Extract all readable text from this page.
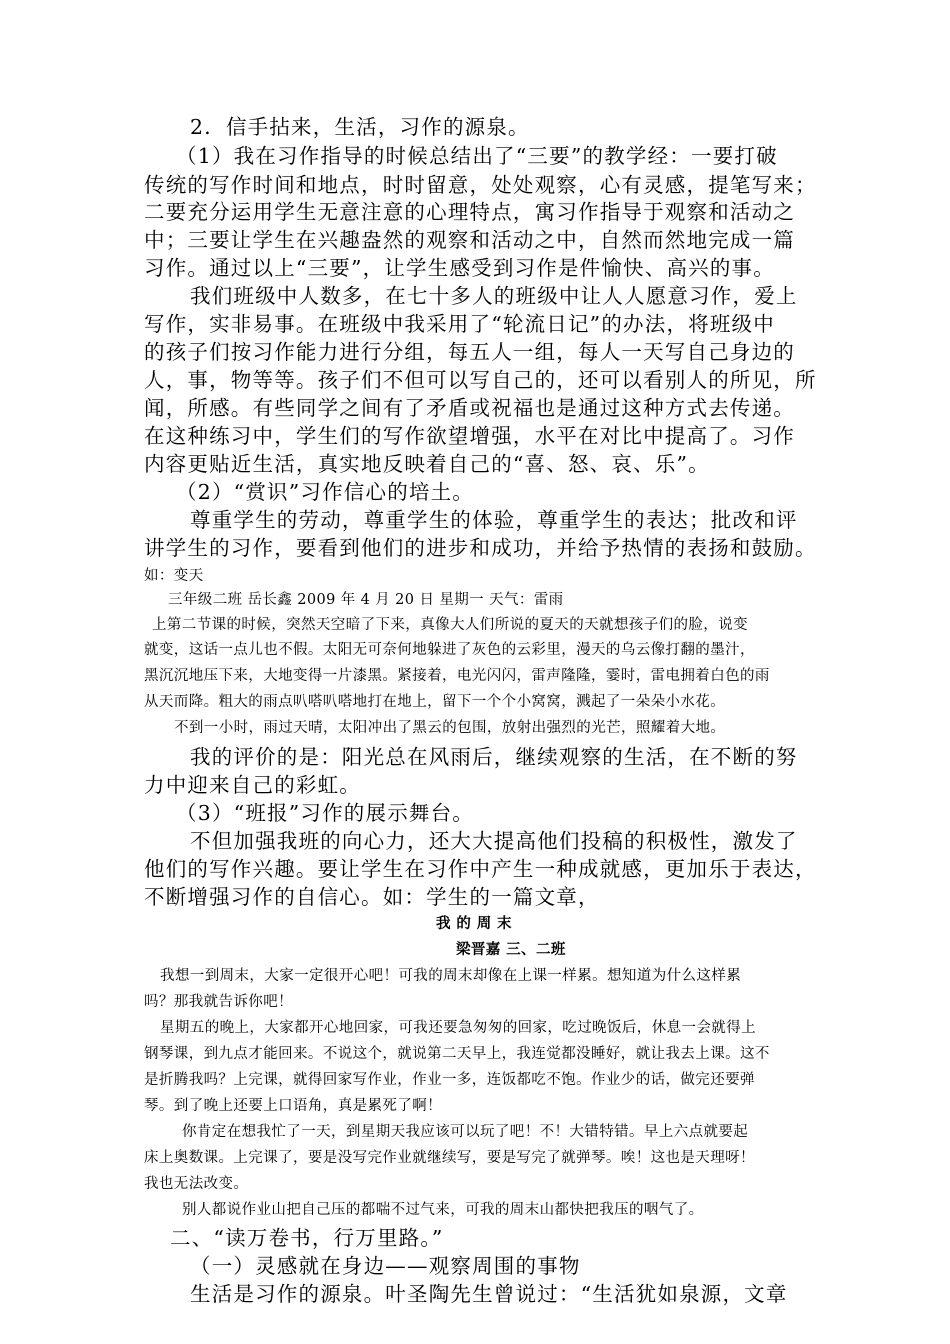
2．信手拈来，生活，习作的源泉。

（1）我在习作指导的时候总结出了“三要”的教学经：一要打破

传统的写作时间和地点，时时留意，处处观察，心有灵感，提笔写来；

二要充分运用学生无意注意的心理特点，寓习作指导于观察和活动之

中；三要让学生在兴趣盎然的观察和活动之中，自然而然地完成一篇

习作。通过以上“三要”，让学生感受到习作是件愉快、高兴的事。

我们班级中人数多，在七十多人的班级中让人人愿意习作，爱上

写作，实非易事。在班级中我采用了“轮流日记”的办法，将班级中

的孩子们按习作能力进行分组，每五人一组，每人一天写自己身边的

人，事，物等等。孩子们不但可以写自己的，还可以看别人的所见，所

闻，所感。有些同学之间有了矛盾或祝福也是通过这种方式去传递。

在这种练习中，学生们的写作欲望增强，水平在对比中提高了。习作

内容更贴近生活，真实地反映着自己的“喜、怒、哀、乐”。

（2）“赏识”习作信心的培土。

尊重学生的劳动，尊重学生的体验，尊重学生的表达；批改和评

讲学生的习作，要看到他们的进步和成功，并给予热情的表扬和鼓励。

如：变天

三年级二班 岳长鑫 2009 年 4 月 20 日 星期一 天气：雷雨

上第二节课的时候，突然天空暗了下来，真像大人们所说的夏天的天就想孩子们的脸，说变

就变，这话一点儿也不假。太阳无可奈何地躲进了灰色的云彩里，漫天的乌云像打翻的墨汁，

黑沉沉地压下来，大地变得一片漆黑。紧接着，电光闪闪，雷声隆隆，霎时，雷电拥着白色的雨

从天而降。粗大的雨点叭嗒叭嗒地打在地上，留下一个个小窝窝，溅起了一朵朵小水花。

不到一小时，雨过天晴，太阳冲出了黑云的包围，放射出强烈的光芒，照耀着大地。

我的评价的是：阳光总在风雨后，继续观察的生活，在不断的努

力中迎来自己的彩虹。

（3）“班报”习作的展示舞台。

不但加强我班的向心力，还大大提高他们投稿的积极性，激发了

他们的写作兴趣。要让学生在习作中产生一种成就感，更加乐于表达，

不断增强习作的自信心。如：学生的一篇文章，

我 的 周 末

梁晋嘉 三、二班

我想一到周末，大家一定很开心吧！可我的周末却像在上课一样累。想知道为什么这样累

吗？那我就告诉你吧！

星期五的晚上，大家都开心地回家，可我还要急匆匆的回家，吃过晚饭后，休息一会就得上

钢琴课，到九点才能回来。不说这个，就说第二天早上，我连觉都没睡好，就让我去上课。这不

是折腾我吗？上完课，就得回家写作业，作业一多，连饭都吃不饱。作业少的话，做完还要弹

琴。到了晚上还要上口语角，真是累死了啊！

你肯定在想我忙了一天，到星期天我应该可以玩了吧！不！大错特错。早上六点就要起

床上奥数课。上完课了，要是没写完作业就继续写，要是写完了就弹琴。唉！这也是天理呀！

我也无法改变。

别人都说作业山把自己压的都喘不过气来，可我的周末山都快把我压的咽气了。

二、“读万卷书，行万里路。”

（一）灵感就在身边——观察周围的事物

生活是习作的源泉。叶圣陶先生曾说过：“生活犹如泉源，文章
